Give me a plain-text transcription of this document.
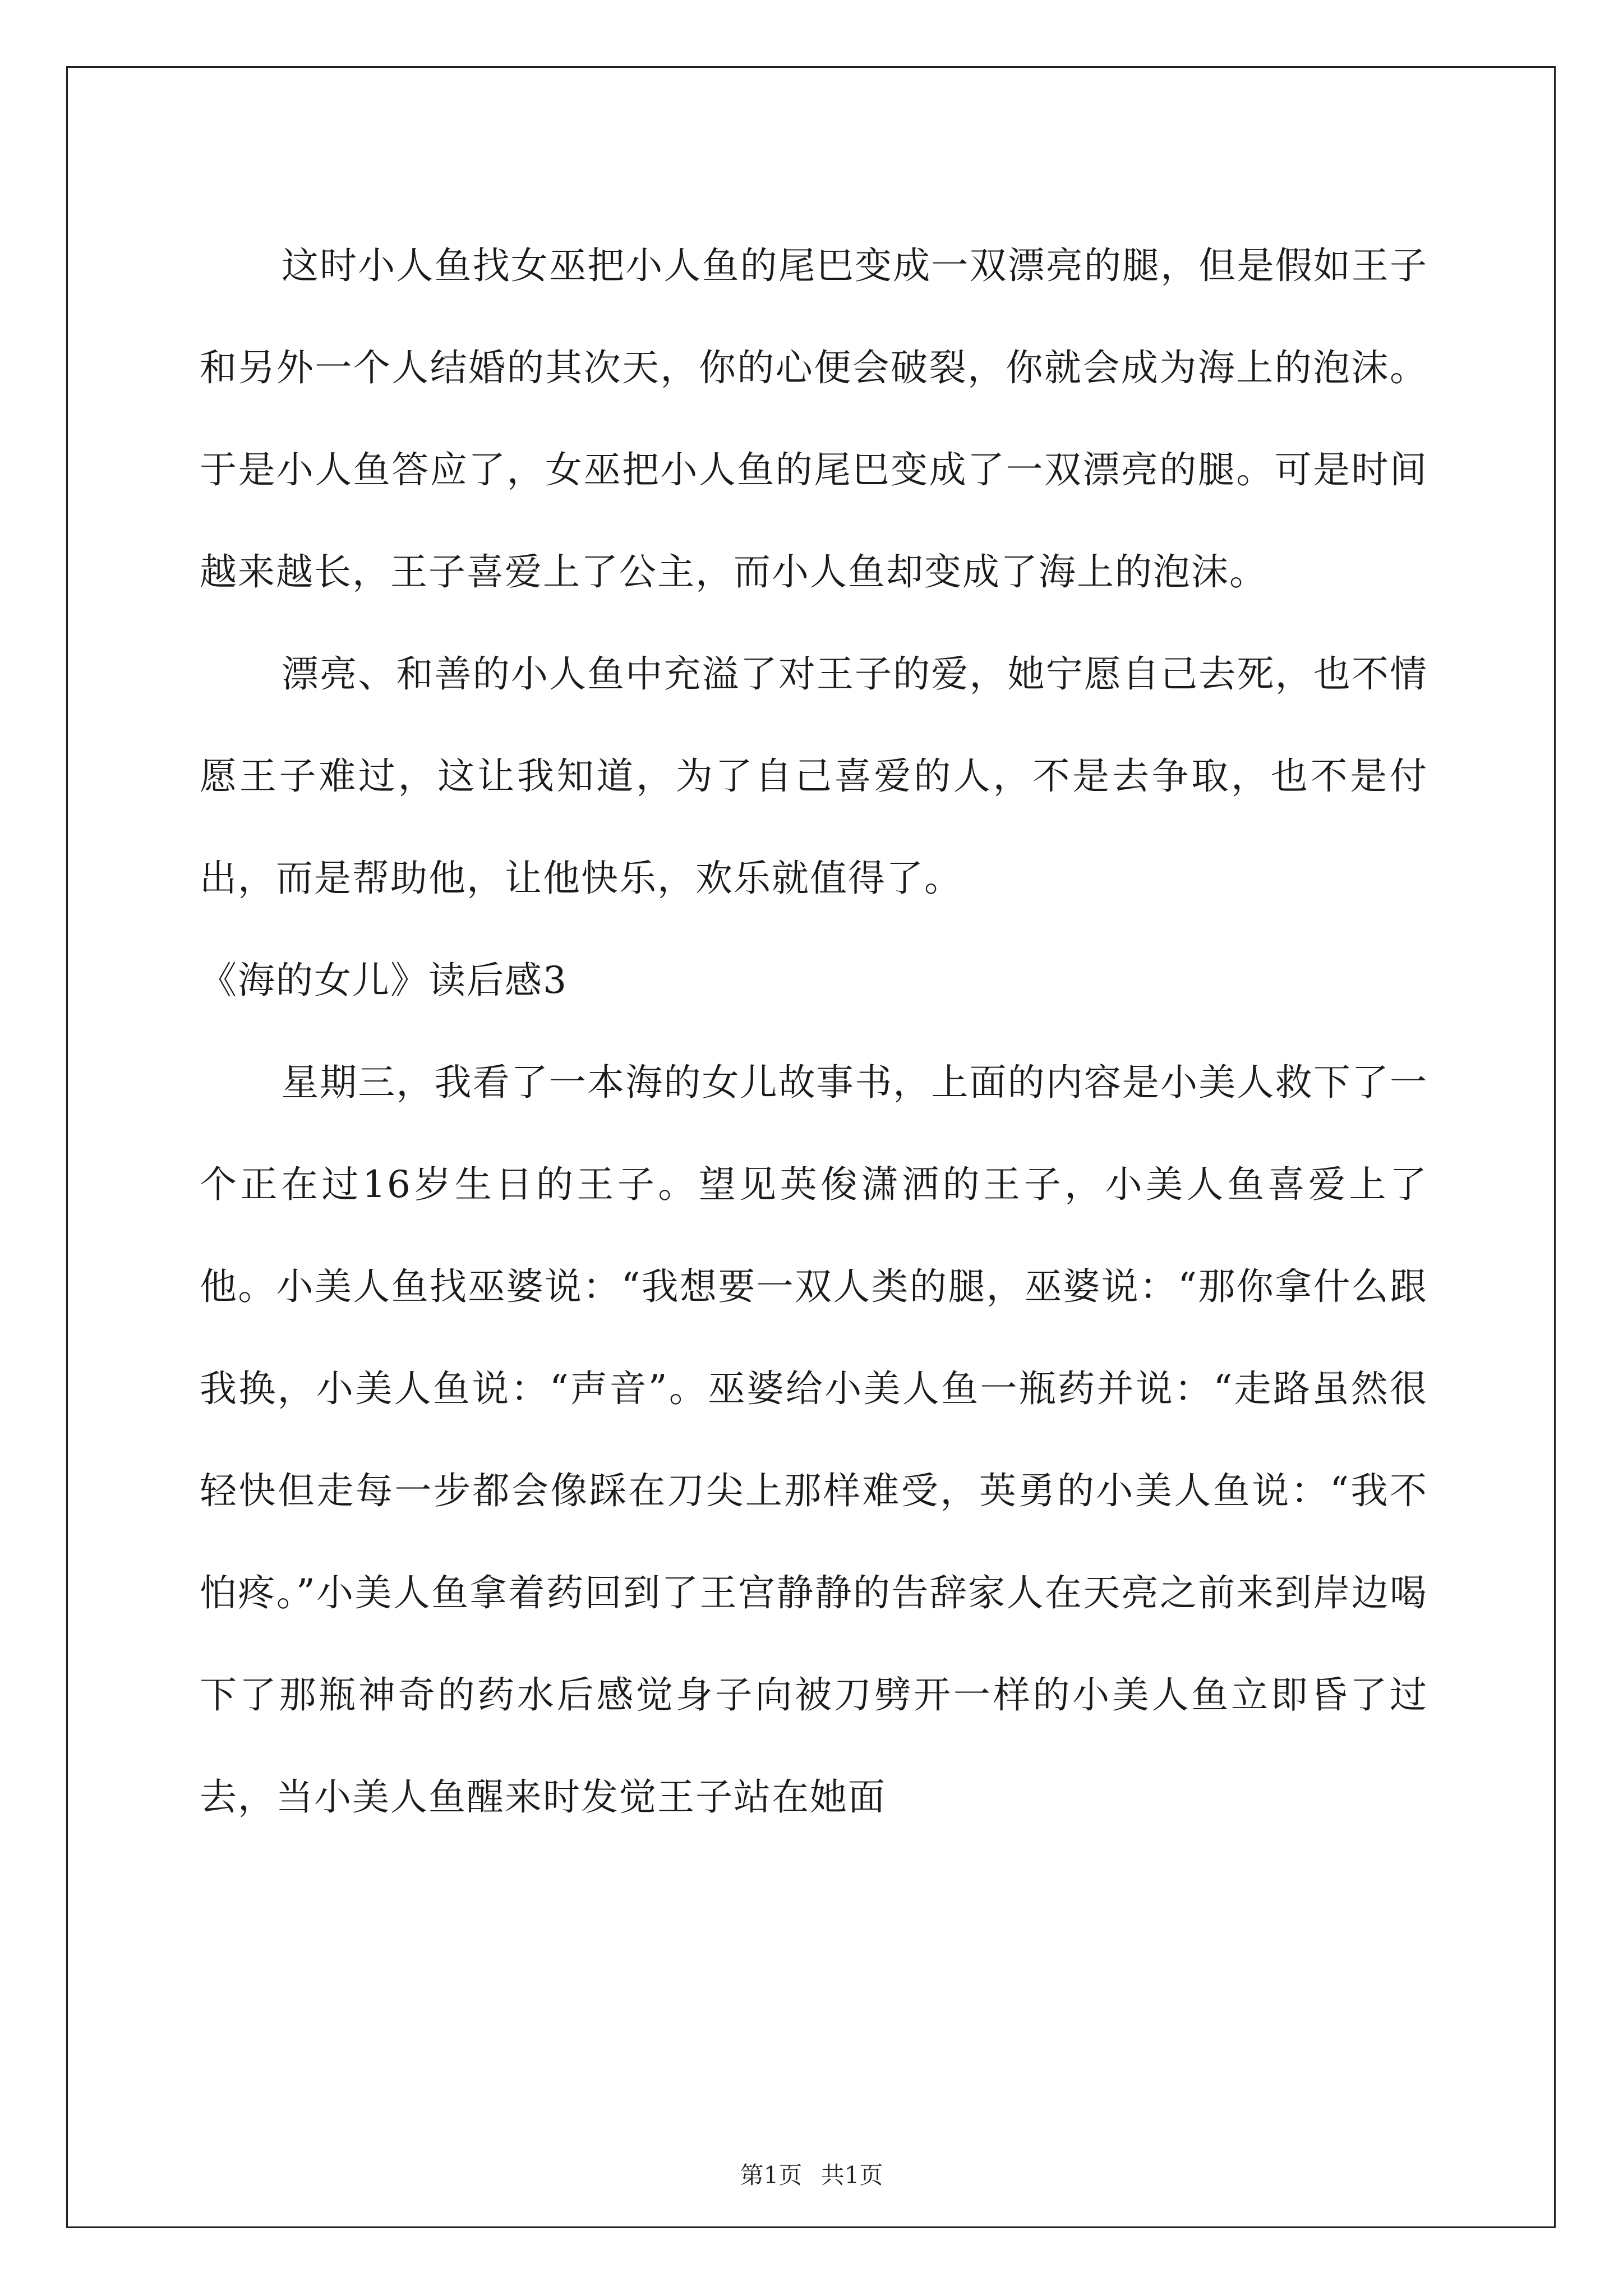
这时小人鱼找女巫把小人鱼的尾巴变成一双漂亮的腿，但是假如王子和另外一个人结婚的其次天，你的心便会破裂，你就会成为海上的泡沫。于是小人鱼答应了，女巫把小人鱼的尾巴变成了一双漂亮的腿。可是时间越来越长，王子喜爱上了公主，而小人鱼却变成了海上的泡沫。

漂亮、和善的小人鱼中充溢了对王子的爱，她宁愿自己去死，也不情愿王子难过，这让我知道，为了自己喜爱的人，不是去争取，也不是付出，而是帮助他，让他快乐，欢乐就值得了。

《海的女儿》读后感3

星期三，我看了一本海的女儿故事书，上面的内容是小美人救下了一个正在过16岁生日的王子。望见英俊潇洒的王子，小美人鱼喜爱上了他。小美人鱼找巫婆说：“我想要一双人类的腿，巫婆说：“那你拿什么跟我换，小美人鱼说：“声音”。巫婆给小美人鱼一瓶药并说：“走路虽然很轻快但走每一步都会像踩在刀尖上那样难受，英勇的小美人鱼说：“我不怕疼。”小美人鱼拿着药回到了王宫静静的告辞家人在天亮之前来到岸边喝下了那瓶神奇的药水后感觉身子向被刀劈开一样的小美人鱼立即昏了过去，当小美人鱼醒来时发觉王子站在她面

第1页 共1页
